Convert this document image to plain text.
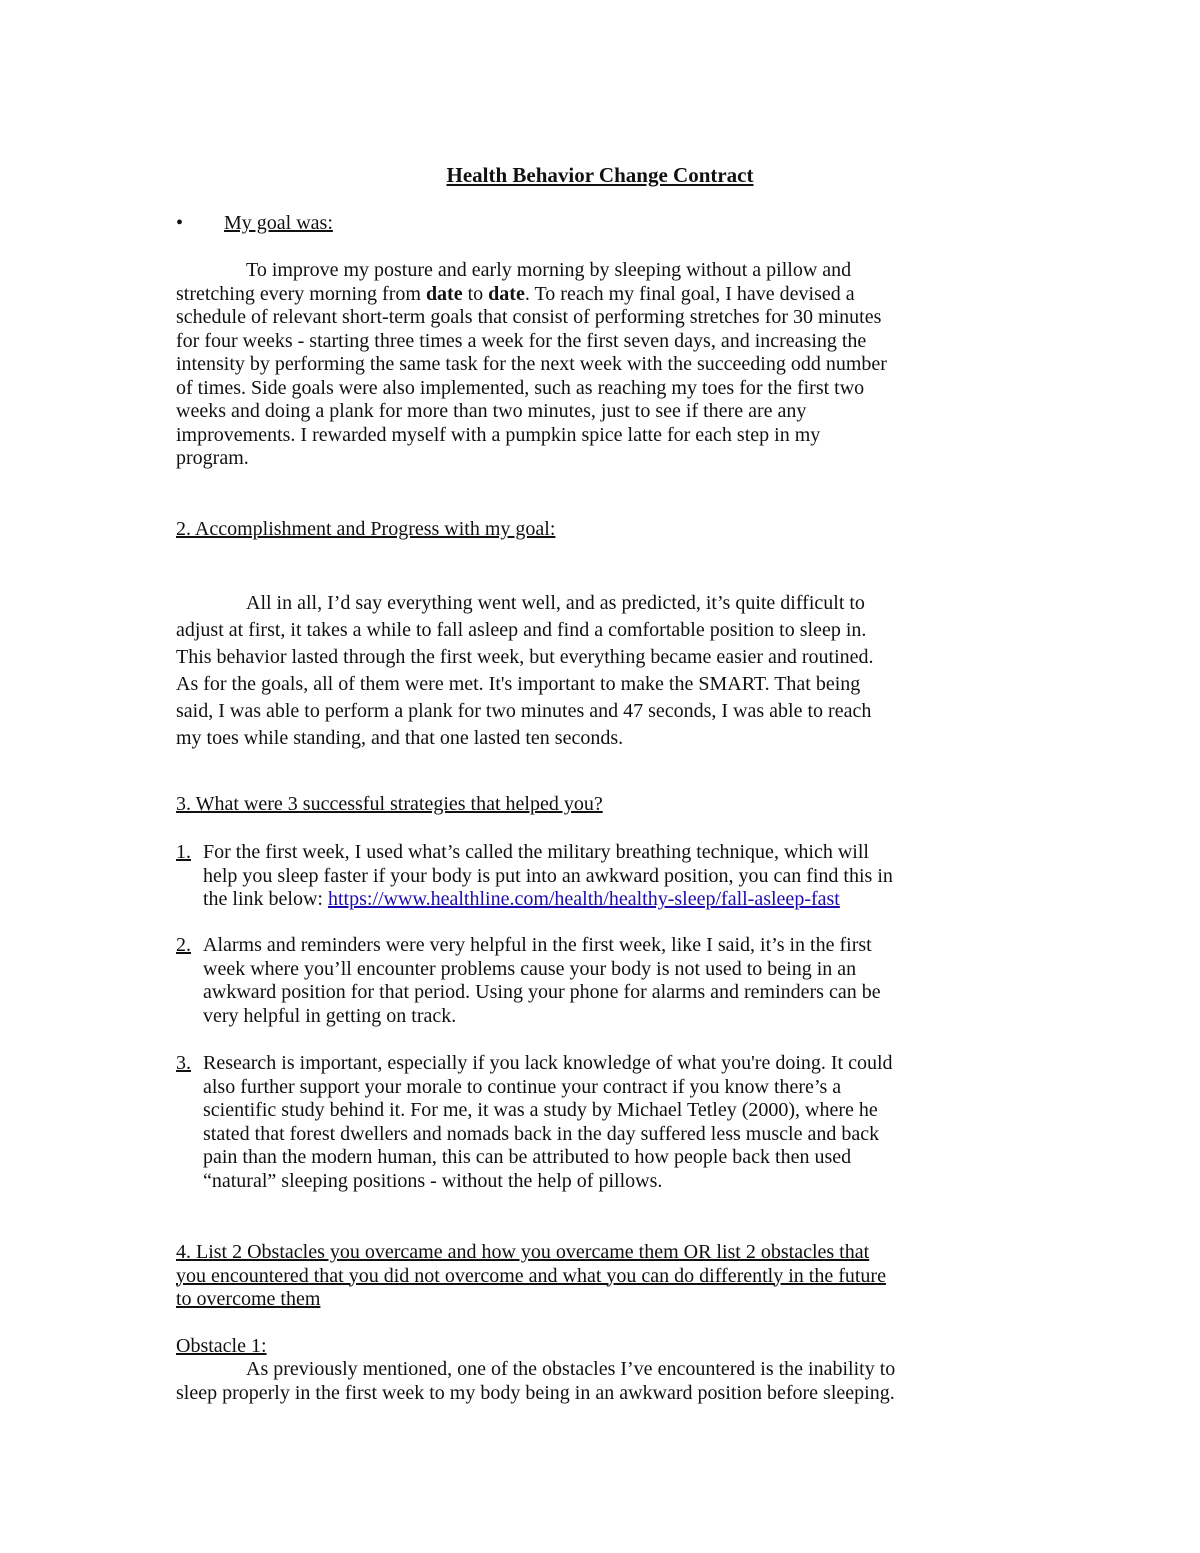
Health Behavior Change Contract
• My goal was:

To improve my posture and early morning by sleeping without a pillow and

stretching every morning from date to date. To reach my final goal, I have devised a

schedule of relevant short-term goals that consist of performing stretches for 30 minutes

for four weeks - starting three times a week for the first seven days, and increasing the

intensity by performing the same task for the next week with the succeeding odd number

of times. Side goals were also implemented, such as reaching my toes for the first two

weeks and doing a plank for more than two minutes, just to see if there are any

improvements. I rewarded myself with a pumpkin spice latte for each step in my

program.

2. Accomplishment and Progress with my goal:

All in all, I’d say everything went well, and as predicted, it’s quite difficult to

adjust at first, it takes a while to fall asleep and find a comfortable position to sleep in.

This behavior lasted through the first week, but everything became easier and routined.

As for the goals, all of them were met. It's important to make the SMART. That being

said, I was able to perform a plank for two minutes and 47 seconds, I was able to reach

my toes while standing, and that one lasted ten seconds.

3. What were 3 successful strategies that helped you?
1. For the first week, I used what’s called the military breathing technique, which will

help you sleep faster if your body is put into an awkward position, you can find this in

the link below: https://www.healthline.com/health/healthy-sleep/fall-asleep-fast

2. Alarms and reminders were very helpful in the first week, like I said, it’s in the first

week where you’ll encounter problems cause your body is not used to being in an

awkward position for that period. Using your phone for alarms and reminders can be

very helpful in getting on track.

3. Research is important, especially if you lack knowledge of what you're doing. It could

also further support your morale to continue your contract if you know there’s a

scientific study behind it. For me, it was a study by Michael Tetley (2000), where he

stated that forest dwellers and nomads back in the day suffered less muscle and back

pain than the modern human, this can be attributed to how people back then used

“natural” sleeping positions - without the help of pillows.

4. List 2 Obstacles you overcame and how you overcame them OR list 2 obstacles that

you encountered that you did not overcome and what you can do differently in the future

to overcome them

Obstacle 1:

As previously mentioned, one of the obstacles I’ve encountered is the inability to

sleep properly in the first week to my body being in an awkward position before sleeping.
